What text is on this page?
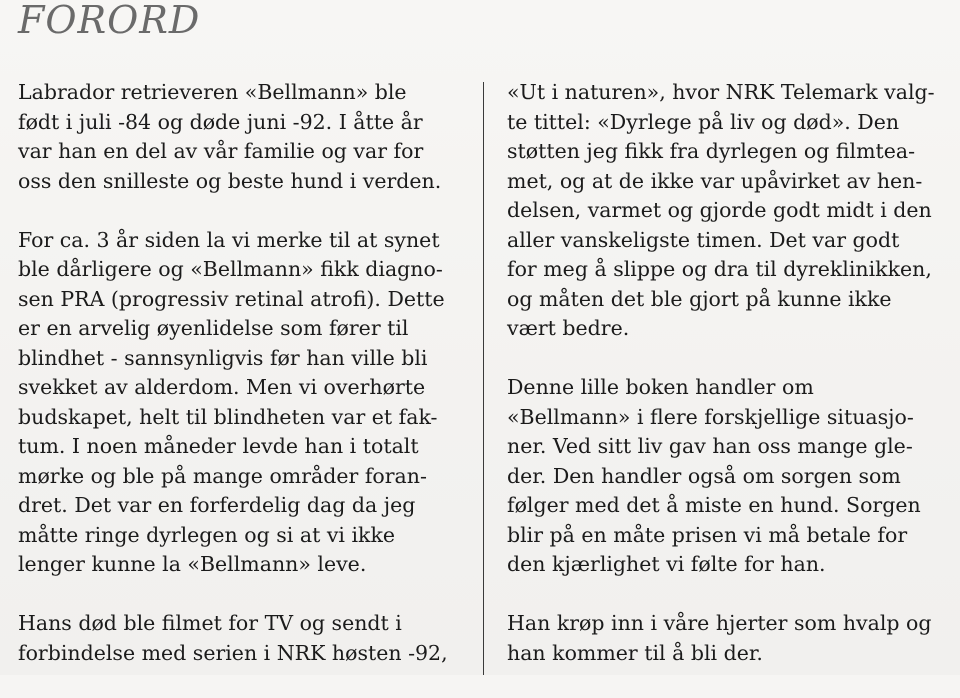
FORORD

Labrador retrieveren «Bellmann» ble
født i juli -84 og døde juni -92. I åtte år
var han en del av vår familie og var for
oss den snilleste og beste hund i verden.

For ca. 3 år siden la vi merke til at synet
ble dårligere og «Bellmann» fikk diagno-
sen PRA (progressiv retinal atrofi). Dette
er en arvelig øyenlidelse som fører til
blindhet - sannsynligvis før han ville bli
svekket av alderdom. Men vi overhørte
budskapet, helt til blindheten var et fak-
tum. I noen måneder levde han i totalt
mørke og ble på mange områder foran-
dret. Det var en forferdelig dag da jeg
måtte ringe dyrlegen og si at vi ikke
lenger kunne la «Bellmann» leve.

Hans død ble filmet for TV og sendt i
forbindelse med serien i NRK høsten -92,

«Ut i naturen», hvor NRK Telemark valg-
te tittel: «Dyrlege på liv og død». Den
støtten jeg fikk fra dyrlegen og filmtea-
met, og at de ikke var upåvirket av hen-
delsen, varmet og gjorde godt midt i den
aller vanskeligste timen. Det var godt
for meg å slippe og dra til dyreklinikken,
og måten det ble gjort på kunne ikke
vært bedre.

Denne lille boken handler om
«Bellmann» i flere forskjellige situasjo-
ner. Ved sitt liv gav han oss mange gle-
der. Den handler også om sorgen som
følger med det å miste en hund. Sorgen
blir på en måte prisen vi må betale for
den kjærlighet vi følte for han.

Han krøp inn i våre hjerter som hvalp og
han kommer til å bli der.
